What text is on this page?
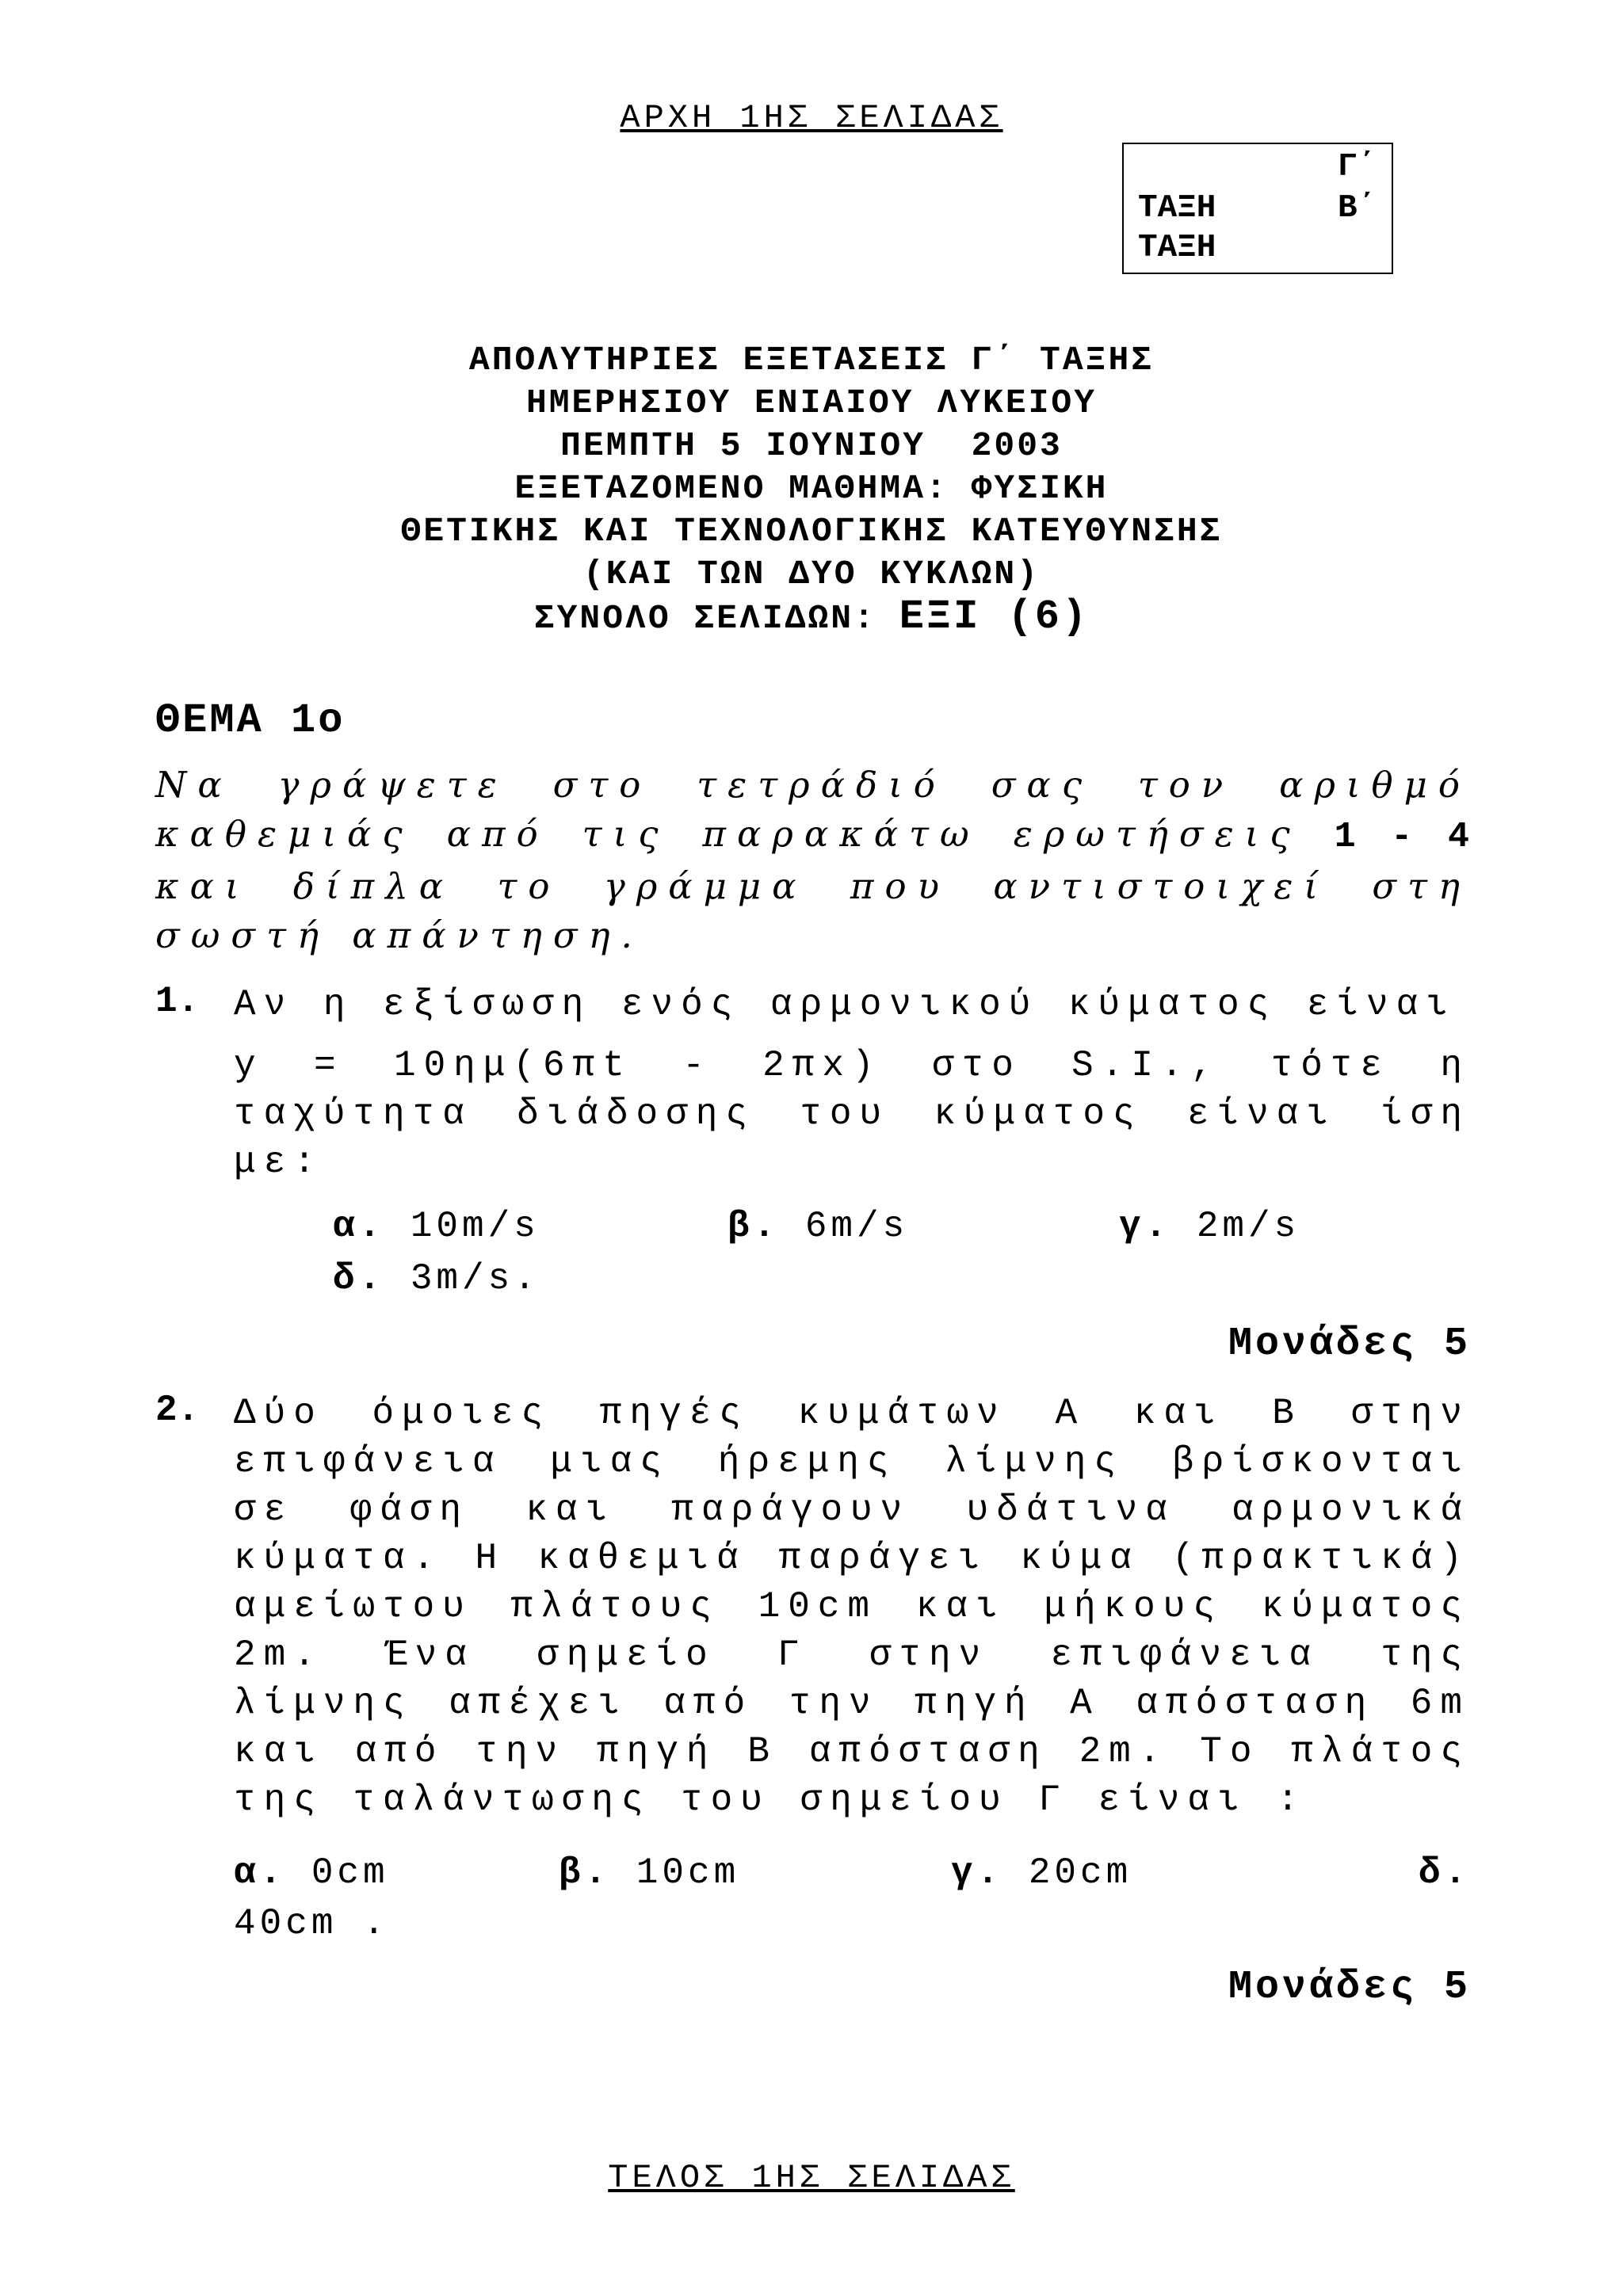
ΑΡΧΗ 1ΗΣ ΣΕΛΙΔΑΣ
Γ΄
ΤΑΞΗ	Β΄
ΤΑΞΗ
ΑΠΟΛΥΤΗΡΙΕΣ ΕΞΕΤΑΣΕΙΣ Γ΄ ΤΑΞΗΣ
ΗΜΕΡΗΣΙΟΥ ΕΝΙΑΙΟΥ ΛΥΚΕΙΟΥ
ΠΕΜΠΤΗ 5 ΙΟΥΝΙΟΥ  2003
ΕΞΕΤΑΖΟΜΕΝΟ ΜΑΘΗΜΑ: ΦΥΣΙΚΗ
ΘΕΤΙΚΗΣ ΚΑΙ ΤΕΧΝΟΛΟΓΙΚΗΣ ΚΑΤΕΥΘΥΝΣΗΣ
(ΚΑΙ ΤΩΝ ΔΥΟ ΚΥΚΛΩΝ)
ΣΥΝΟΛΟ ΣΕΛΙΔΩΝ: ΕΞΙ (6)
ΘΕΜΑ 1ο
Να γράψετε στο τετράδιό σας τον αριθμό καθεμιάς από τις παρακάτω ερωτήσεις 1 - 4 και δίπλα το γράμμα που αντιστοιχεί στη σωστή απάντηση.
1. Αν η εξίσωση ενός αρμονικού κύματος είναι
y = 10ημ(6πt - 2πx) στο S.I., τότε η ταχύτητα διάδοσης του κύματος είναι ίση με:
α. 10m/s	β. 6m/s	γ. 2m/s
δ. 3m/s.
Μονάδες 5
2. Δύο όμοιες πηγές κυμάτων Α και Β στην επιφάνεια μιας ήρεμης λίμνης βρίσκονται σε φάση και παράγουν υδάτινα αρμονικά κύματα. Η καθεμιά παράγει κύμα (πρακτικά) αμείωτου πλάτους 10cm και μήκους κύματος 2m. Ένα σημείο Γ στην επιφάνεια της λίμνης απέχει από την πηγή Α απόσταση 6m και από την πηγή Β απόσταση 2m. Το πλάτος της ταλάντωσης του σημείου Γ είναι :
α. 0cm	β. 10cm	γ. 20cm	δ.
40cm .
Μονάδες 5
ΤΕΛΟΣ 1ΗΣ ΣΕΛΙΔΑΣ
